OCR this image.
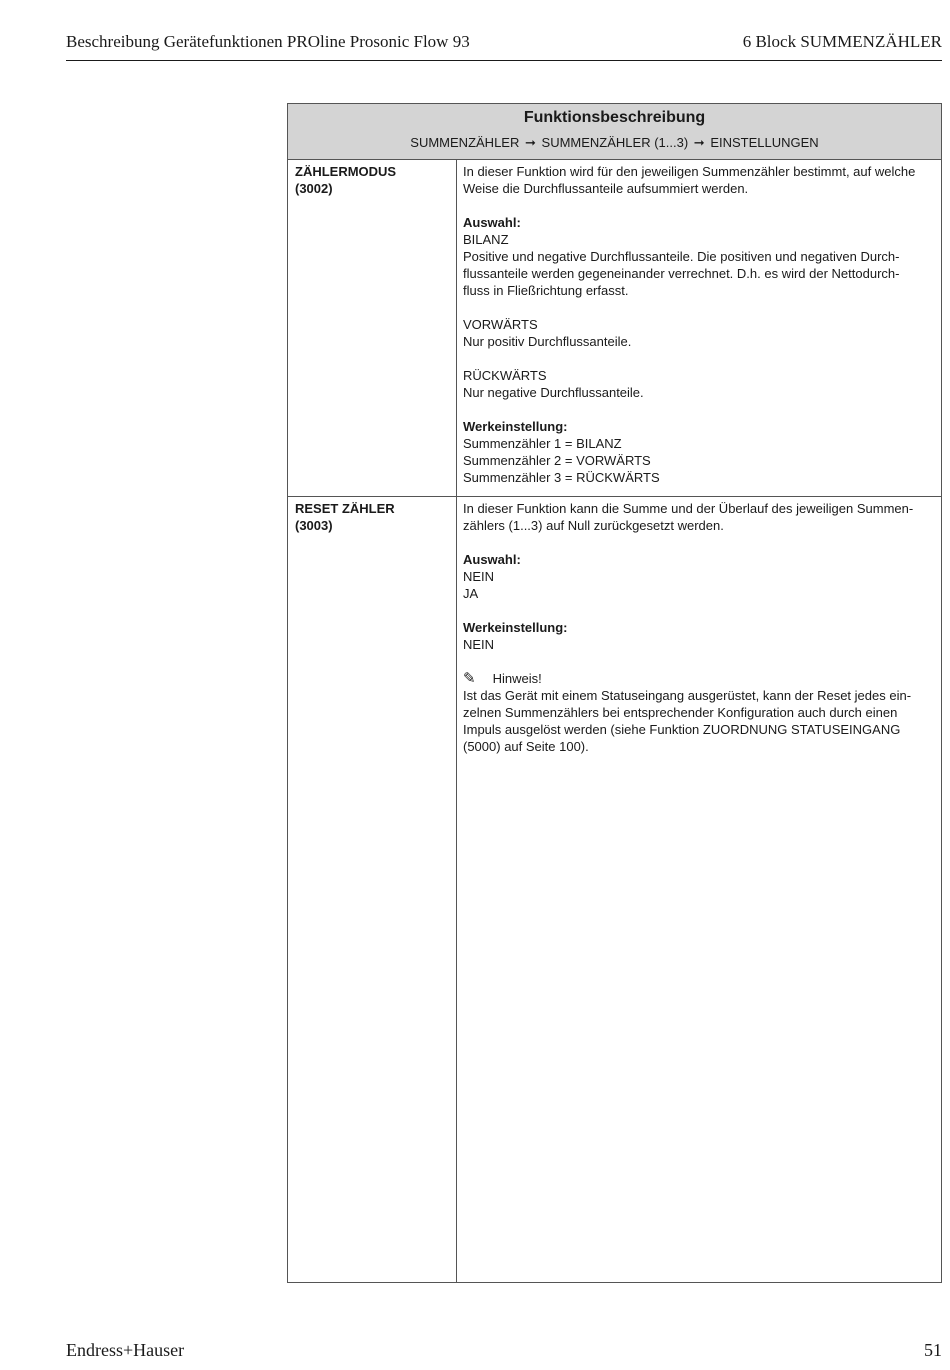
Beschreibung Gerätefunktionen PROline Prosonic Flow 93	6 Block SUMMENZÄHLER
Funktionsbeschreibung
SUMMENZÄHLER ➞ SUMMENZÄHLER (1...3) ➞ EINSTELLUNGEN
ZÄHLERMODUS
(3002)

In dieser Funktion wird für den jeweiligen Summenzähler bestimmt, auf welche

Weise die Durchflussanteile aufsummiert werden.

Auswahl:

BILANZ

Positive und negative Durchflussanteile. Die positiven und negativen Durch-

flussanteile werden gegeneinander verrechnet. D.h. es wird der Nettodurch-

fluss in Fließrichtung erfasst.

VORWÄRTS

Nur positiv Durchflussanteile.

RÜCKWÄRTS

Nur negative Durchflussanteile.

Werkeinstellung:

Summenzähler 1 = BILANZ

Summenzähler 2 = VORWÄRTS

Summenzähler 3 = RÜCKWÄRTS

RESET ZÄHLER
(3003)

In dieser Funktion kann die Summe und der Überlauf des jeweiligen Summen-

zählers (1...3) auf Null zurückgesetzt werden.

Auswahl:

NEIN

JA

Werkeinstellung:

NEIN

✎ Hinweis!

Ist das Gerät mit einem Statuseingang ausgerüstet, kann der Reset jedes ein-

zelnen Summenzählers bei entsprechender Konfiguration auch durch einen

Impuls ausgelöst werden (siehe Funktion ZUORDNUNG STATUSEINGANG

(5000) auf Seite 100).

Endress+Hauser	51
